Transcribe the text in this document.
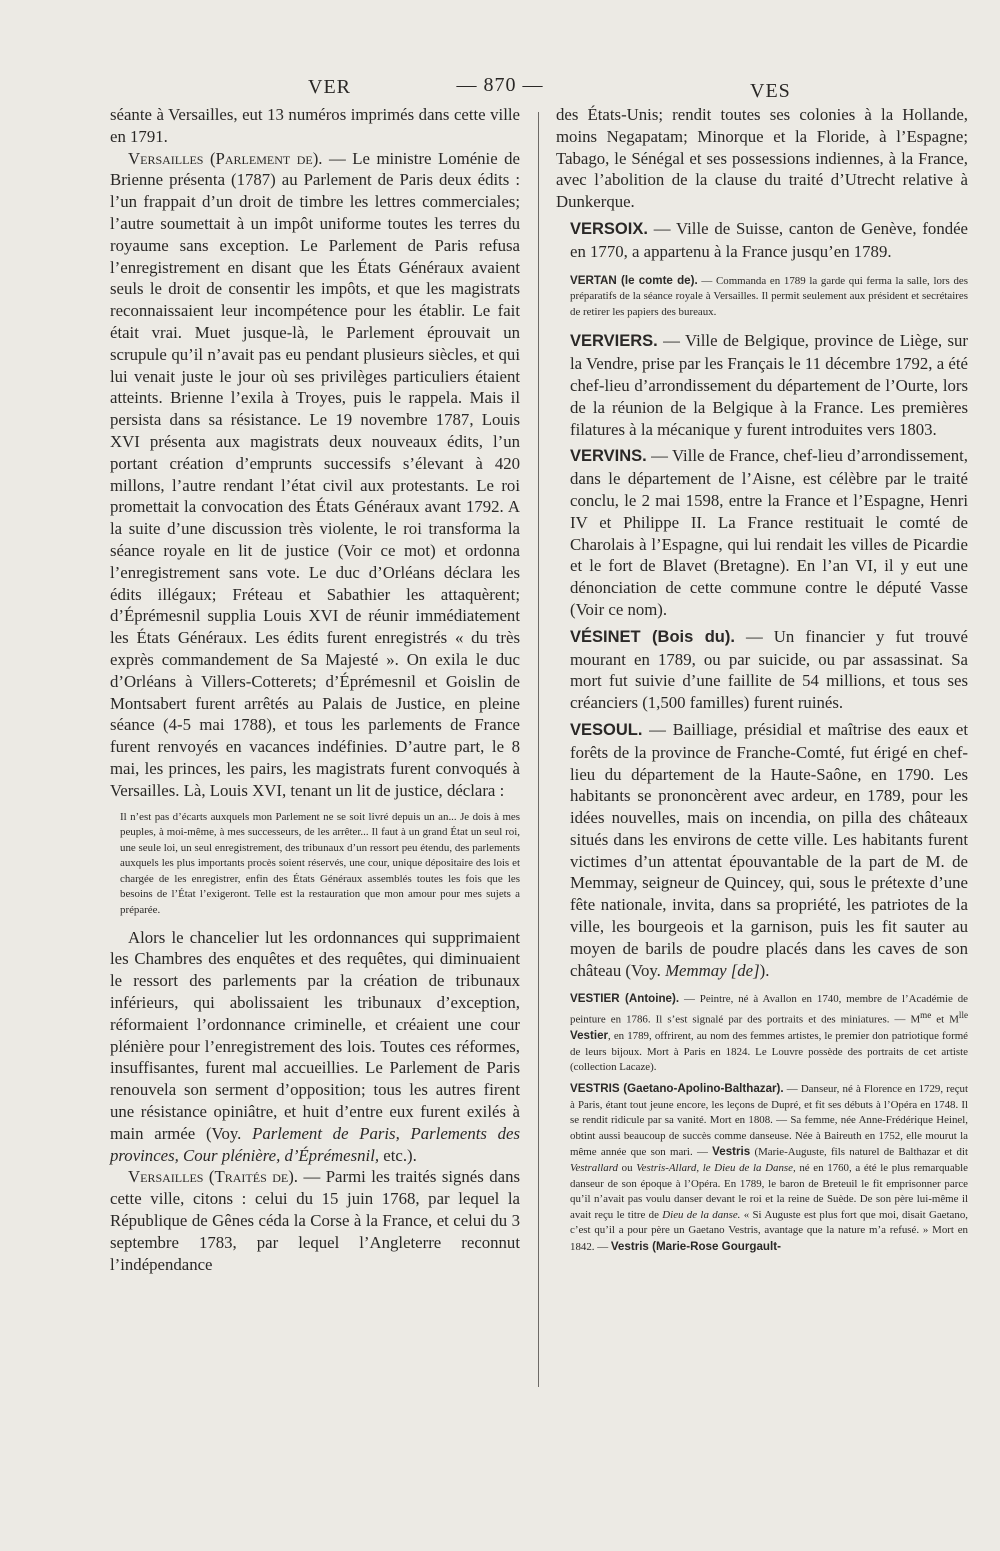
VER	— 870 —	VES

séante à Versailles, eut 13 numéros imprimés dans cette ville en 1791.

Versailles (Parlement de). — Le ministre Loménie de Brienne présenta (1787) au Parlement de Paris deux édits : l’un frappait d’un droit de timbre les lettres commerciales; l’autre soumettait à un impôt uniforme toutes les terres du royaume sans exception. Le Parlement de Paris refusa l’enregistrement en disant que les États Généraux avaient seuls le droit de consentir les impôts, et que les magistrats reconnaissaient leur incompétence pour les établir. Le fait était vrai. Muet jusque-là, le Parlement éprouvait un scrupule qu’il n’avait pas eu pendant plusieurs siècles, et qui lui venait juste le jour où ses privilèges particuliers étaient atteints. Brienne l’exila à Troyes, puis le rappela. Mais il persista dans sa résistance. Le 19 novembre 1787, Louis XVI présenta aux magistrats deux nouveaux édits, l’un portant création d’emprunts successifs s’élevant à 420 millons, l’autre rendant l’état civil aux protestants. Le roi promettait la convocation des États Généraux avant 1792. A la suite d’une discussion très violente, le roi transforma la séance royale en lit de justice (Voir ce mot) et ordonna l’enregistrement sans vote. Le duc d’Orléans déclara les édits illégaux; Fréteau et Sabathier les attaquèrent; d’Éprémesnil supplia Louis XVI de réunir immédiatement les États Généraux. Les édits furent enregistrés « du très exprès commandement de Sa Majesté ». On exila le duc d’Orléans à Villers-Cotterets; d’Éprémesnil et Goislin de Montsabert furent arrêtés au Palais de Justice, en pleine séance (4-5 mai 1788), et tous les parlements de France furent renvoyés en vacances indéfinies. D’autre part, le 8 mai, les princes, les pairs, les magistrats furent convoqués à Versailles. Là, Louis XVI, tenant un lit de justice, déclara :

Il n’est pas d’écarts auxquels mon Parlement ne se soit livré depuis un an... Je dois à mes peuples, à moi-même, à mes successeurs, de les arrêter... Il faut à un grand État un seul roi, une seule loi, un seul enregistrement, des tribunaux d’un ressort peu étendu, des parlements auxquels les plus importants procès soient réservés, une cour, unique dépositaire des lois et chargée de les enregistrer, enfin des États Généraux assemblés toutes les fois que les besoins de l’État l’exigeront. Telle est la restauration que mon amour pour mes sujets a préparée.

Alors le chancelier lut les ordonnances qui supprimaient les Chambres des enquêtes et des requêtes, qui diminuaient le ressort des parlements par la création de tribunaux inférieurs, qui abolissaient les tribunaux d’exception, réformaient l’ordonnance criminelle, et créaient une cour plénière pour l’enregistrement des lois. Toutes ces réformes, insuffisantes, furent mal accueillies. Le Parlement de Paris renouvela son serment d’opposition; tous les autres firent une résistance opiniâtre, et huit d’entre eux furent exilés à main armée (Voy. Parlement de Paris, Parlements des provinces, Cour plénière, d’Éprémesnil, etc.).

Versailles (Traités de). — Parmi les traités signés dans cette ville, citons : celui du 15 juin 1768, par lequel la République de Gênes céda la Corse à la France, et celui du 3 septembre 1783, par lequel l’Angleterre reconnut l’indépendance

des États-Unis; rendit toutes ses colonies à la Hollande, moins Negapatam; Minorque et la Floride, à l’Espagne; Tabago, le Sénégal et ses possessions indiennes, à la France, avec l’abolition de la clause du traité d’Utrecht relative à Dunkerque.

VERSOIX. — Ville de Suisse, canton de Genève, fondée en 1770, a appartenu à la France jusqu’en 1789.

VERTAN (le comte de). — Commanda en 1789 la garde qui ferma la salle, lors des préparatifs de la séance royale à Versailles. Il permit seulement aux président et secrétaires de retirer les papiers des bureaux.

VERVIERS. — Ville de Belgique, province de Liège, sur la Vendre, prise par les Français le 11 décembre 1792, a été chef-lieu d’arrondissement du département de l’Ourte, lors de la réunion de la Belgique à la France. Les premières filatures à la mécanique y furent introduites vers 1803.

VERVINS. — Ville de France, chef-lieu d’arrondissement, dans le département de l’Aisne, est célèbre par le traité conclu, le 2 mai 1598, entre la France et l’Espagne, Henri IV et Philippe II. La France restituait le comté de Charolais à l’Espagne, qui lui rendait les villes de Picardie et le fort de Blavet (Bretagne). En l’an VI, il y eut une dénonciation de cette commune contre le député Vasse (Voir ce nom).

VÉSINET (Bois du). — Un financier y fut trouvé mourant en 1789, ou par suicide, ou par assassinat. Sa mort fut suivie d’une faillite de 54 millions, et tous ses créanciers (1,500 familles) furent ruinés.

VESOUL. — Bailliage, présidial et maîtrise des eaux et forêts de la province de Franche-Comté, fut érigé en chef-lieu du département de la Haute-Saône, en 1790. Les habitants se prononcèrent avec ardeur, en 1789, pour les idées nouvelles, mais on incendia, on pilla des châteaux situés dans les environs de cette ville. Les habitants furent victimes d’un attentat épouvantable de la part de M. de Memmay, seigneur de Quincey, qui, sous le prétexte d’une fête nationale, invita, dans sa propriété, les patriotes de la ville, les bourgeois et la garnison, puis les fit sauter au moyen de barils de poudre placés dans les caves de son château (Voy. Memmay [de]).

VESTIER (Antoine). — Peintre, né à Avallon en 1740, membre de l’Académie de peinture en 1786. Il s’est signalé par des portraits et des miniatures. — $M^{me}$ et $M^{lle}$ Vestier, en 1789, offrirent, au nom des femmes artistes, le premier don patriotique formé de leurs bijoux. Mort à Paris en 1824. Le Louvre possède des portraits de cet artiste (collection Lacaze).

VESTRIS (Gaetano-Apolino-Balthazar). — Danseur, né à Florence en 1729, reçut à Paris, étant tout jeune encore, les leçons de Dupré, et fit ses débuts à l’Opéra en 1748. Il se rendit ridicule par sa vanité. Mort en 1808. — Sa femme, née Anne-Frédérique Heinel, obtint aussi beaucoup de succès comme danseuse. Née à Baireuth en 1752, elle mourut la même année que son mari. — Vestris (Marie-Auguste, fils naturel de Balthazar et dit Vestrallard ou Vestris-Allard, le Dieu de la Danse, né en 1760, a été le plus remarquable danseur de son époque à l’Opéra. En 1789, le baron de Breteuil le fit emprisonner parce qu’il n’avait pas voulu danser devant le roi et la reine de Suède. De son père lui-même il avait reçu le titre de Dieu de la danse. « Si Auguste est plus fort que moi, disait Gaetano, c’est qu’il a pour père un Gaetano Vestris, avantage que la nature m’a refusé. » Mort en 1842. — Vestris (Marie-Rose Gourgault-
